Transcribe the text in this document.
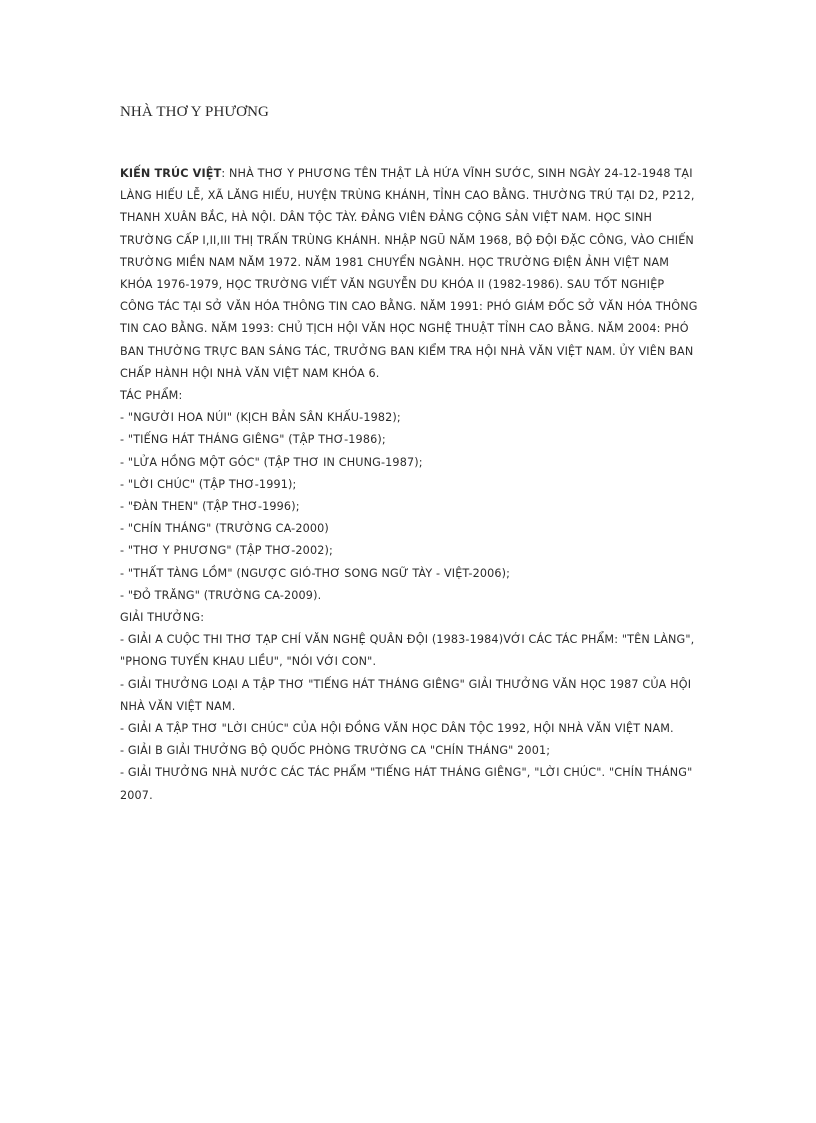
NHÀ THƠ Y PHƯƠNG

KIẾN TRÚC VIỆT: NHÀ THƠ Y PHƯƠNG TÊN THẬT LÀ HỨA VĨNH SƯỚC, SINH NGÀY 24-12-1948 TẠI LÀNG HIẾU LỄ, XÃ LĂNG HIẾU, HUYỆN TRÙNG KHÁNH, TỈNH CAO BẰNG. THƯỜNG TRÚ TẠI D2, P212, THANH XUÂN BẮC, HÀ NỘI. DÂN TỘC TÀY. ĐẢNG VIÊN ĐẢNG CỘNG SẢN VIỆT NAM. HỌC SINH TRƯỜNG CẤP I,II,III THỊ TRẤN TRÙNG KHÁNH. NHẬP NGŨ NĂM 1968, BỘ ĐỘI ĐẶC CÔNG, VÀO CHIẾN TRƯỜNG MIỀN NAM NĂM 1972. NĂM 1981 CHUYỂN NGÀNH. HỌC TRƯỜNG ĐIỆN ẢNH VIỆT NAM KHÓA 1976-1979, HỌC TRƯỜNG VIẾT VĂN NGUYỄN DU KHÓA II (1982-1986). SAU TỐT NGHIỆP CÔNG TÁC TẠI SỞ VĂN HÓA THÔNG TIN CAO BẰNG. NĂM 1991: PHÓ GIÁM ĐỐC SỞ VĂN HÓA THÔNG TIN CAO BẰNG. NĂM 1993: CHỦ TỊCH HỘI VĂN HỌC NGHỆ THUẬT TỈNH CAO BẰNG. NĂM 2004: PHÓ BAN THƯỜNG TRỰC BAN SÁNG TÁC, TRƯỞNG BAN KIỂM TRA HỘI NHÀ VĂN VIỆT NAM. ỦY VIÊN BAN CHẤP HÀNH HỘI NHÀ VĂN VIỆT NAM KHÓA 6.

TÁC PHẨM:

- "NGƯỜI HOA NÚI" (KỊCH BẢN SÂN KHẤU-1982);

- "TIẾNG HÁT THÁNG GIÊNG" (TẬP THƠ-1986);

- "LỬA HỒNG MỘT GÓC" (TẬP THƠ IN CHUNG-1987);

- "LỜI CHÚC" (TẬP THƠ-1991);

- "ĐÀN THEN" (TẬP THƠ-1996);

- "CHÍN THÁNG" (TRƯỜNG CA-2000)

- "THƠ Y PHƯƠNG" (TẬP THƠ-2002);

- "THẤT TÀNG LỒM" (NGƯỢC GIÓ-THƠ SONG NGỮ TÀY - VIỆT-2006);

- "ĐỎ TRĂNG" (TRƯỜNG CA-2009).

GIẢI THƯỞNG:

- GIẢI A CUỘC THI THƠ TẠP CHÍ VĂN NGHỆ QUÂN ĐỘI (1983-1984)VỚI CÁC TÁC PHẨM: "TÊN LÀNG", "PHONG TUYẾN KHAU LIỀU", "NÓI VỚI CON".

- GIẢI THƯỞNG LOẠI A TẬP THƠ "TIẾNG HÁT THÁNG GIÊNG" GIẢI THƯỞNG VĂN HỌC 1987 CỦA HỘI NHÀ VĂN VIỆT NAM.

- GIẢI A TẬP THƠ "LỜI CHÚC" CỦA HỘI ĐỒNG VĂN HỌC DÂN TỘC 1992, HỘI NHÀ VĂN VIỆT NAM.

- GIẢI B GIẢI THƯỞNG BỘ QUỐC PHÒNG TRƯỜNG CA "CHÍN THÁNG" 2001;

- GIẢI THƯỞNG NHÀ NƯỚC CÁC TÁC PHẨM "TIẾNG HÁT THÁNG GIÊNG", "LỜI CHÚC". "CHÍN THÁNG" 2007.
